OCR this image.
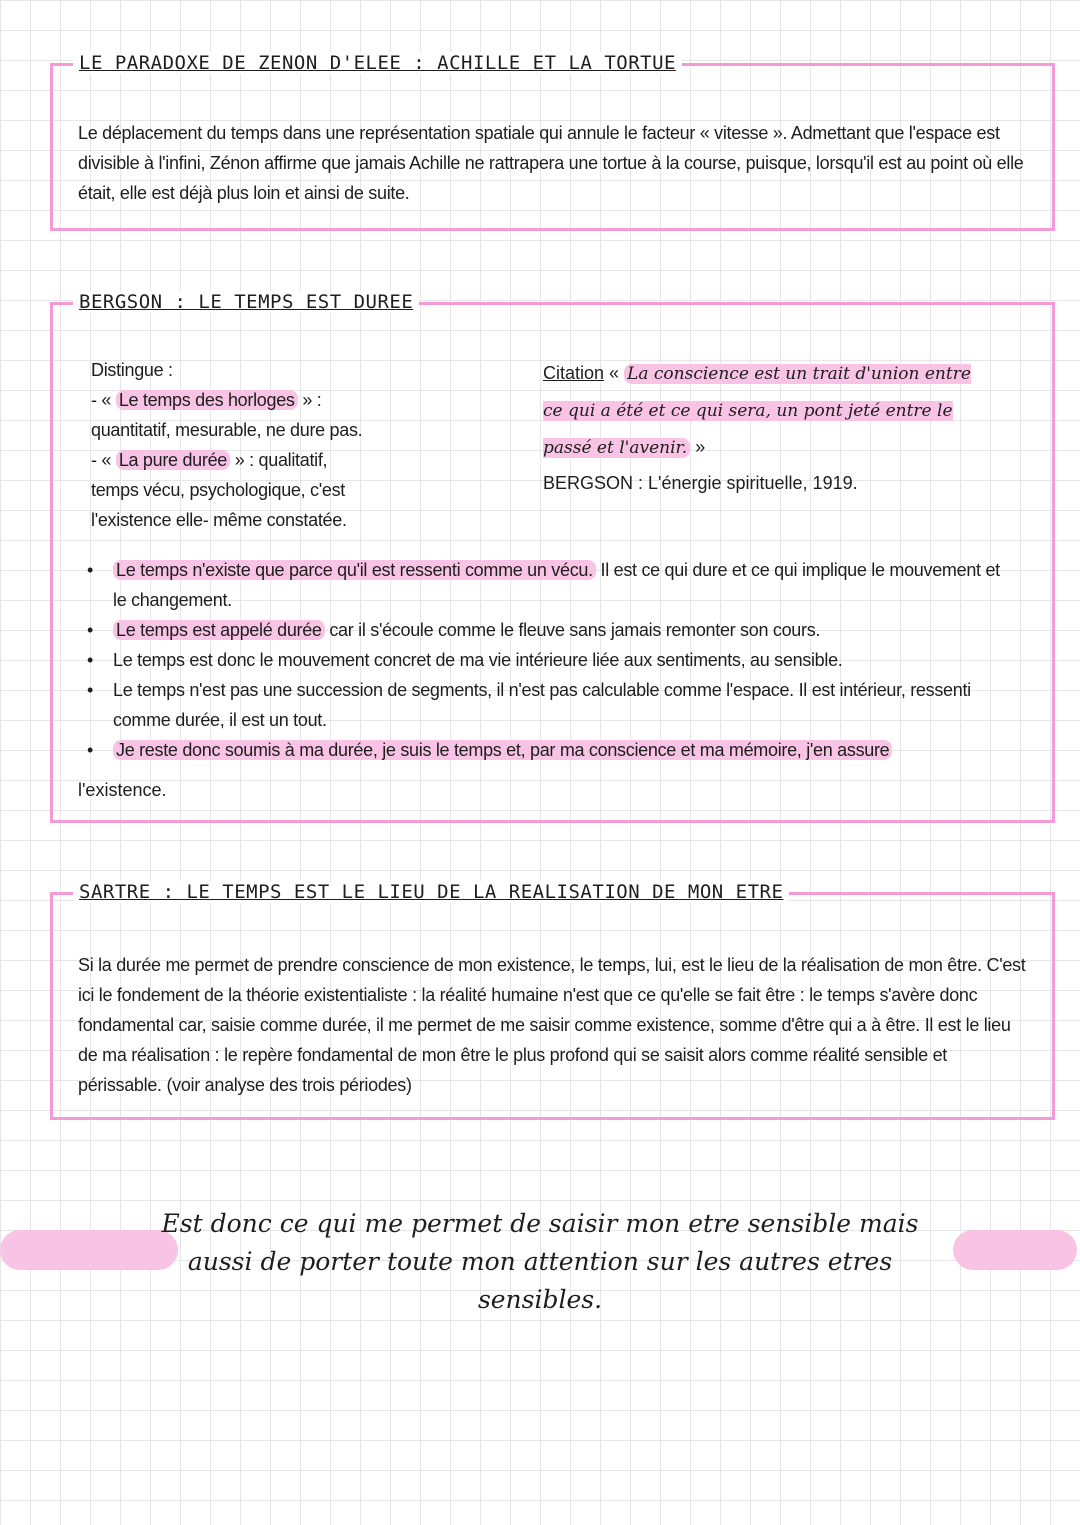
LE PARADOXE DE ZENON D'ELEE : ACHILLE ET LA TORTUE
Le déplacement du temps dans une représentation spatiale qui annule le facteur « vitesse ». Admettant que l'espace est divisible à l'infini, Zénon affirme que jamais Achille ne rattrapera une tortue à la course, puisque, lorsqu'il est au point où elle était, elle est déjà plus loin et ainsi de suite.
BERGSON : LE TEMPS EST DUREE
Distingue :
- « Le temps des horloges » :
quantitatif, mesurable, ne dure pas.
- « La pure durée » : qualitatif,
temps vécu, psychologique, c'est
l'existence elle- même constatée.
Citation « La conscience est un trait d'union entre ce qui a été et ce qui sera, un pont jeté entre le passé et l'avenir. »
BERGSON : L'énergie spirituelle, 1919.
• Le temps n'existe que parce qu'il est ressenti comme un vécu. Il est ce qui dure et ce qui implique le mouvement et le changement.
• Le temps est appelé durée car il s'écoule comme le fleuve sans jamais remonter son cours.
• Le temps est donc le mouvement concret de ma vie intérieure liée aux sentiments, au sensible.
• Le temps n'est pas une succession de segments, il n'est pas calculable comme l'espace. Il est intérieur, ressenti comme durée, il est un tout.
• Je reste donc soumis à ma durée, je suis le temps et, par ma conscience et ma mémoire, j'en assure
l'existence.
SARTRE : LE TEMPS EST LE LIEU DE LA REALISATION DE MON ETRE
Si la durée me permet de prendre conscience de mon existence, le temps, lui, est le lieu de la réalisation de mon être. C'est ici le fondement de la théorie existentialiste : la réalité humaine n'est que ce qu'elle se fait être : le temps s'avère donc fondamental car, saisie comme durée, il me permet de me saisir comme existence, somme d'être qui a à être. Il est le lieu de ma réalisation : le repère fondamental de mon être le plus profond qui se saisit alors comme réalité sensible et périssable. (voir analyse des trois périodes)
Est donc ce qui me permet de saisir mon etre sensible mais aussi de porter toute mon attention sur les autres etres sensibles.
